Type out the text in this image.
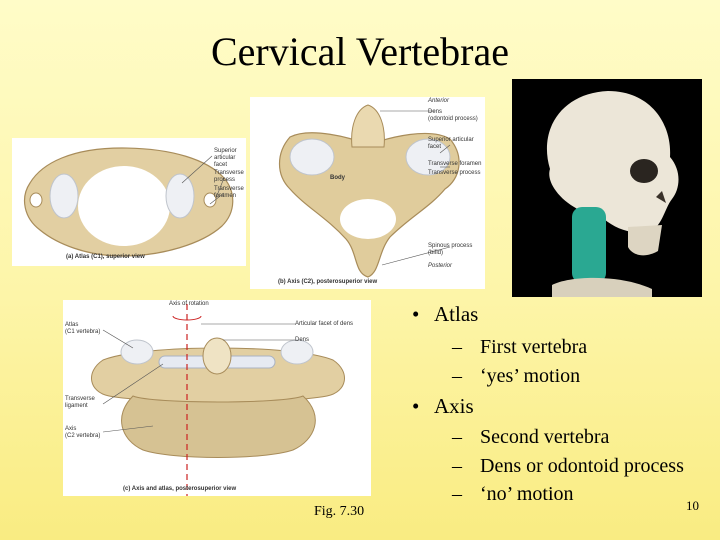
Cervical Vertebrae
Superior
articular
facet
Transverse
process
Transverse
foramen
(a) Atlas (C1), superior view
Anterior
Dens
(odontoid process)
Superior articular
facet
Transverse foramen
Transverse process
Spinous process
(bifid)
Posterior
Body
(b) Axis (C2), posterosuperior view
Axis of rotation
Atlas
(C1 vertebra)
Articular facet of dens
Dens
Transverse
ligament
Axis
(C2 vertebra)
(c) Axis and atlas, posterosuperior view
Fig. 7.30
• Atlas
– First vertebra
– ‘yes’ motion
• Axis
– Second vertebra
– Dens or odontoid process
– ‘no’ motion
10
